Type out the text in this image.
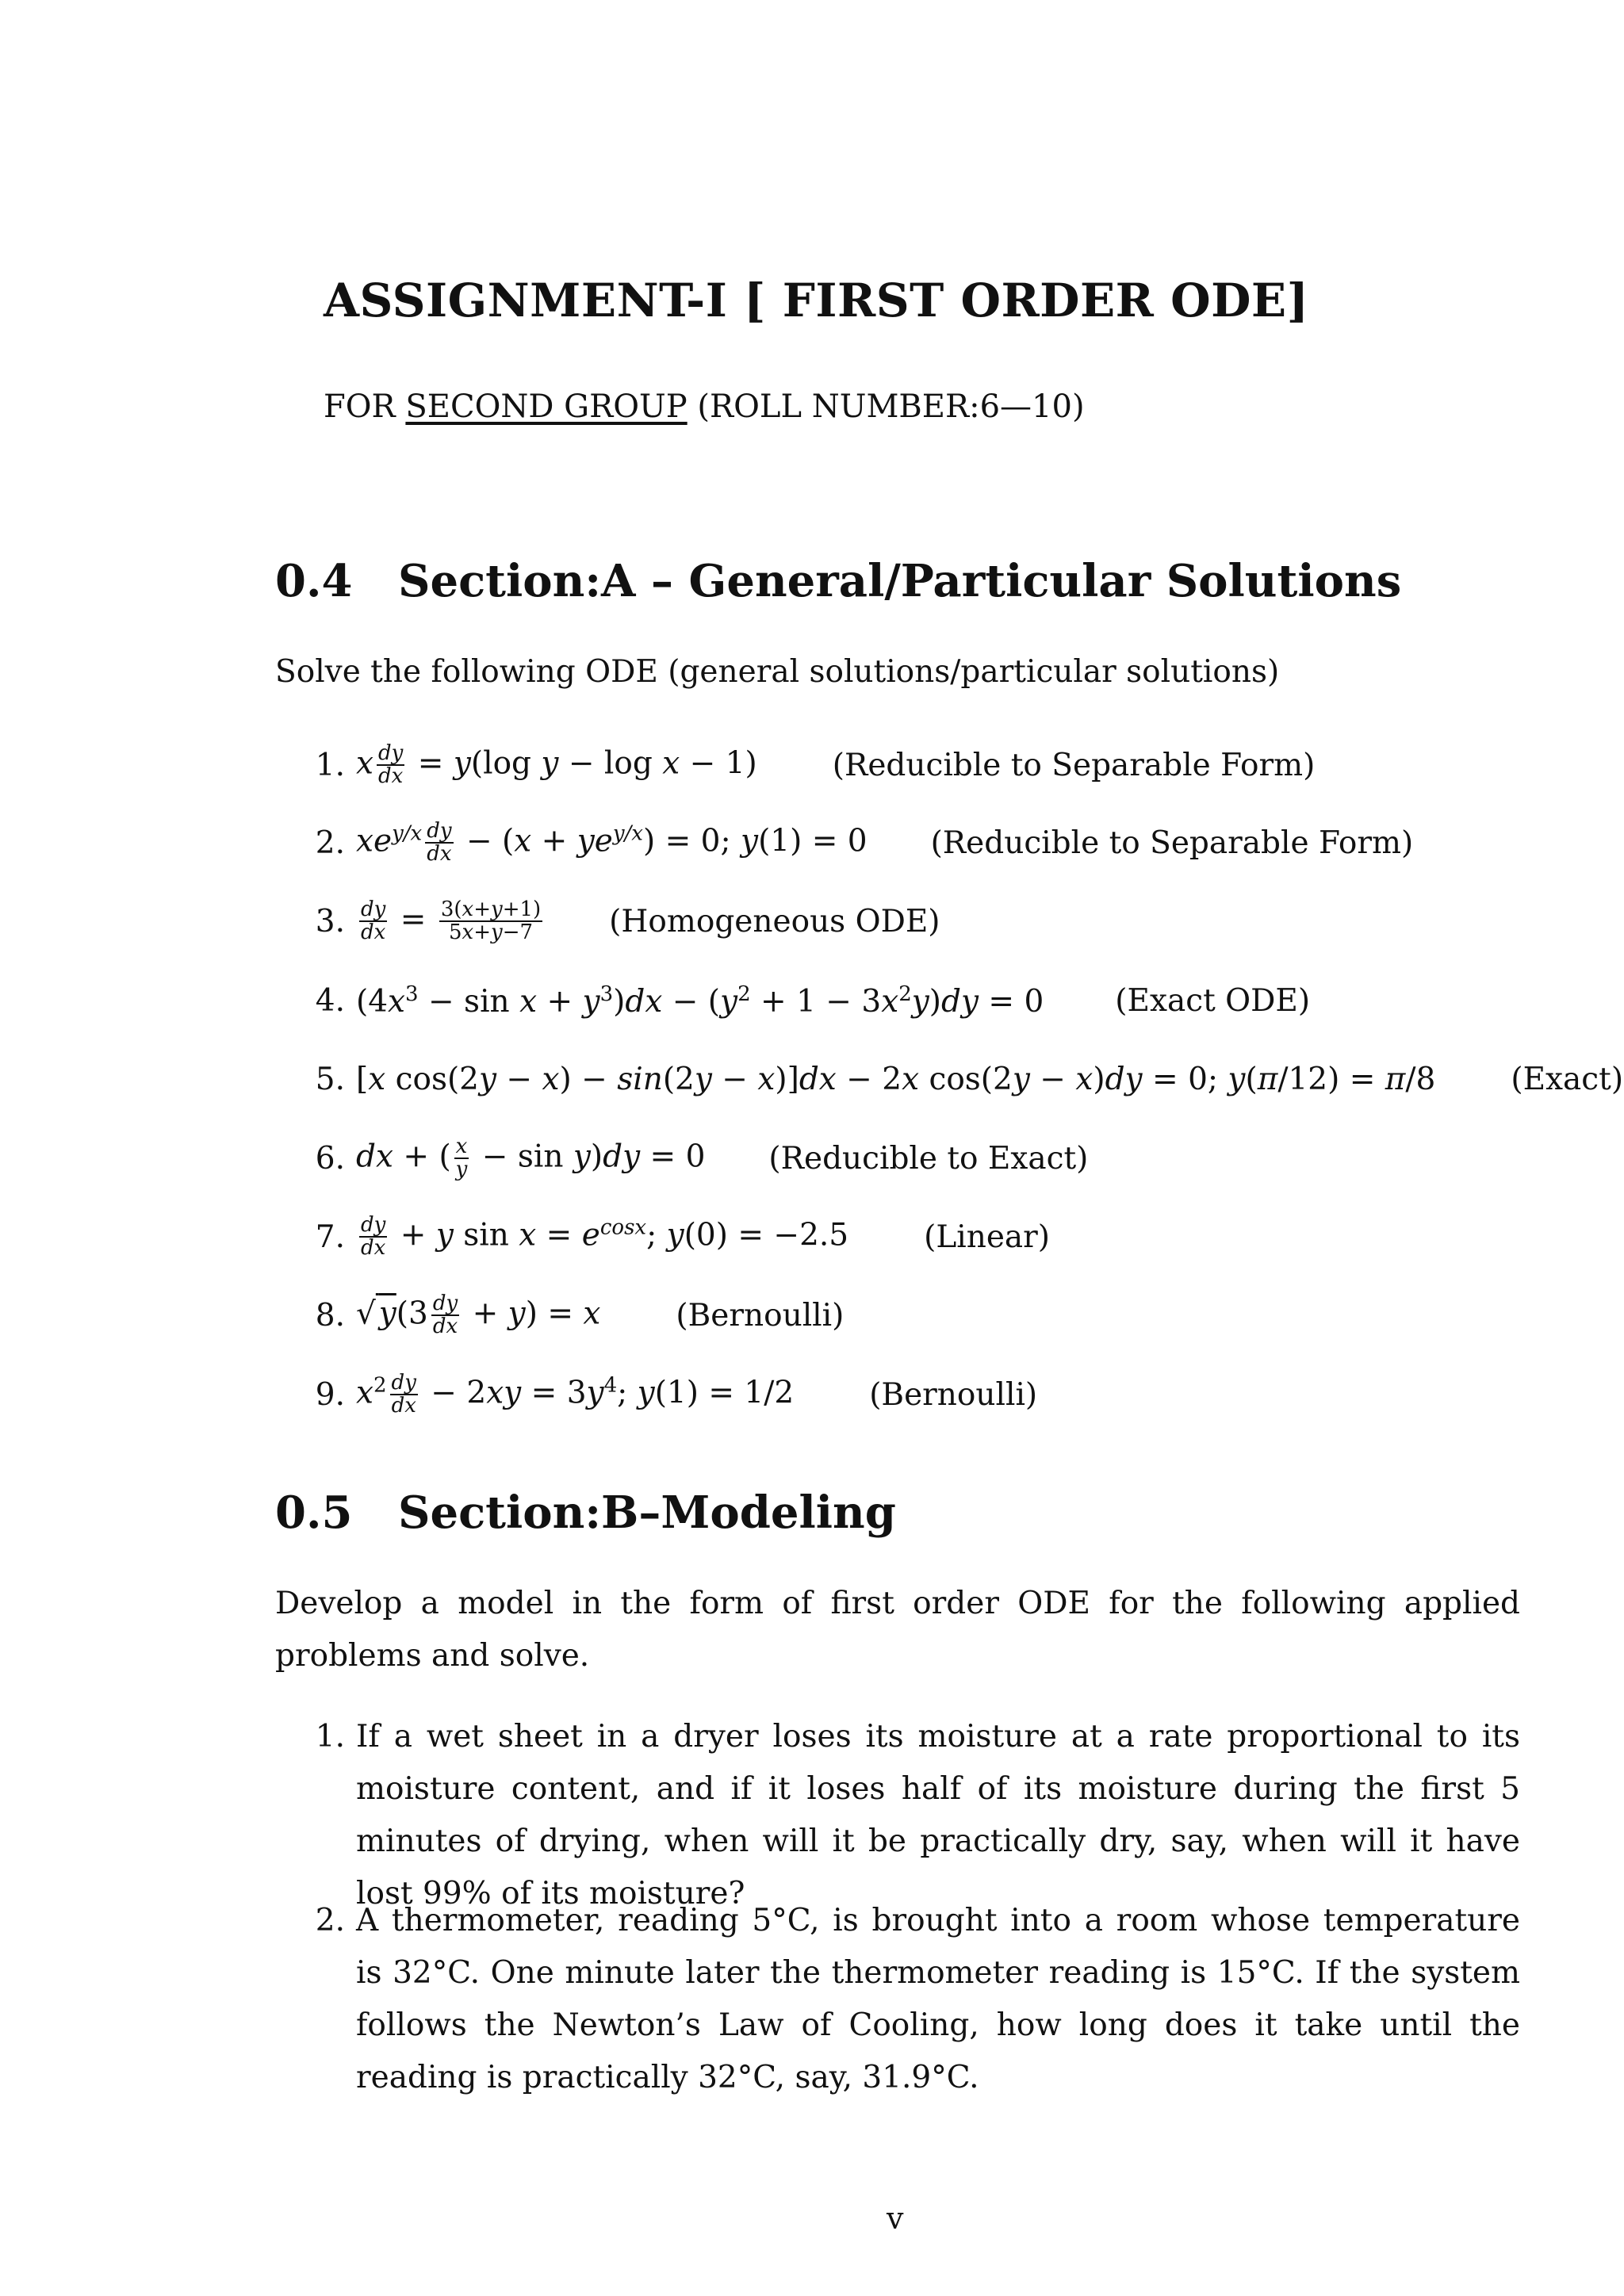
ASSIGNMENT-I [ FIRST ORDER ODE]
FOR SECOND GROUP (ROLL NUMBER:6—10)
0.4 Section:A – General/Particular Solutions
Solve the following ODE (general solutions/particular solutions)
1. x $\frac{dy}{dx} = y(\log$ y − log x − 1) (Reducible to Separable Form)
2. $xe^{y/x} \frac{dy}{dx} - (x + ye^{y/x}) = 0$; y(1) = 0 (Reducible to Separable Form)
3. $\frac{dy}{dx} = \frac{3(x+y+1)}{5x+y-7}$ (Homogeneous ODE)
4. $(4x^3 - \sin x + y^3)dx - (y^2 + 1 - 3x^2y)dy = 0$ (Exact ODE)
5. [x cos(2y − x) − sin(2y − x)]dx − 2x cos(2y − x)dy = 0; y(π/12) = π/8 (Exact)
6. dx + ( $\frac{x}{y} - \sin y)dy = 0$ (Reducible to Exact)
7. $\frac{dy}{dx} + y$ $\sin x = e^{cosx}$; y(0) = −2.5 (Linear)
8. √ $y(3 \frac{dy}{dx} + y) = x$ (Bernoulli)
9. $x^2 \frac{dy}{dx} - 2xy = 3y^4$; y(1) = 1/2 (Bernoulli)
0.5 Section:B–Modeling
Develop a model in the form of first order ODE for the following applied problems and solve.
1. If a wet sheet in a dryer loses its moisture at a rate proportional to its moisture content, and if it loses half of its moisture during the first 5 minutes of drying, when will it be practically dry, say, when will it have lost 99% of its moisture?
2. A thermometer, reading 5°C, is brought into a room whose temperature is 32°C. One minute later the thermometer reading is 15°C. If the system follows the Newton’s Law of Cooling, how long does it take until the reading is practically 32°C, say, 31.9°C.
v
